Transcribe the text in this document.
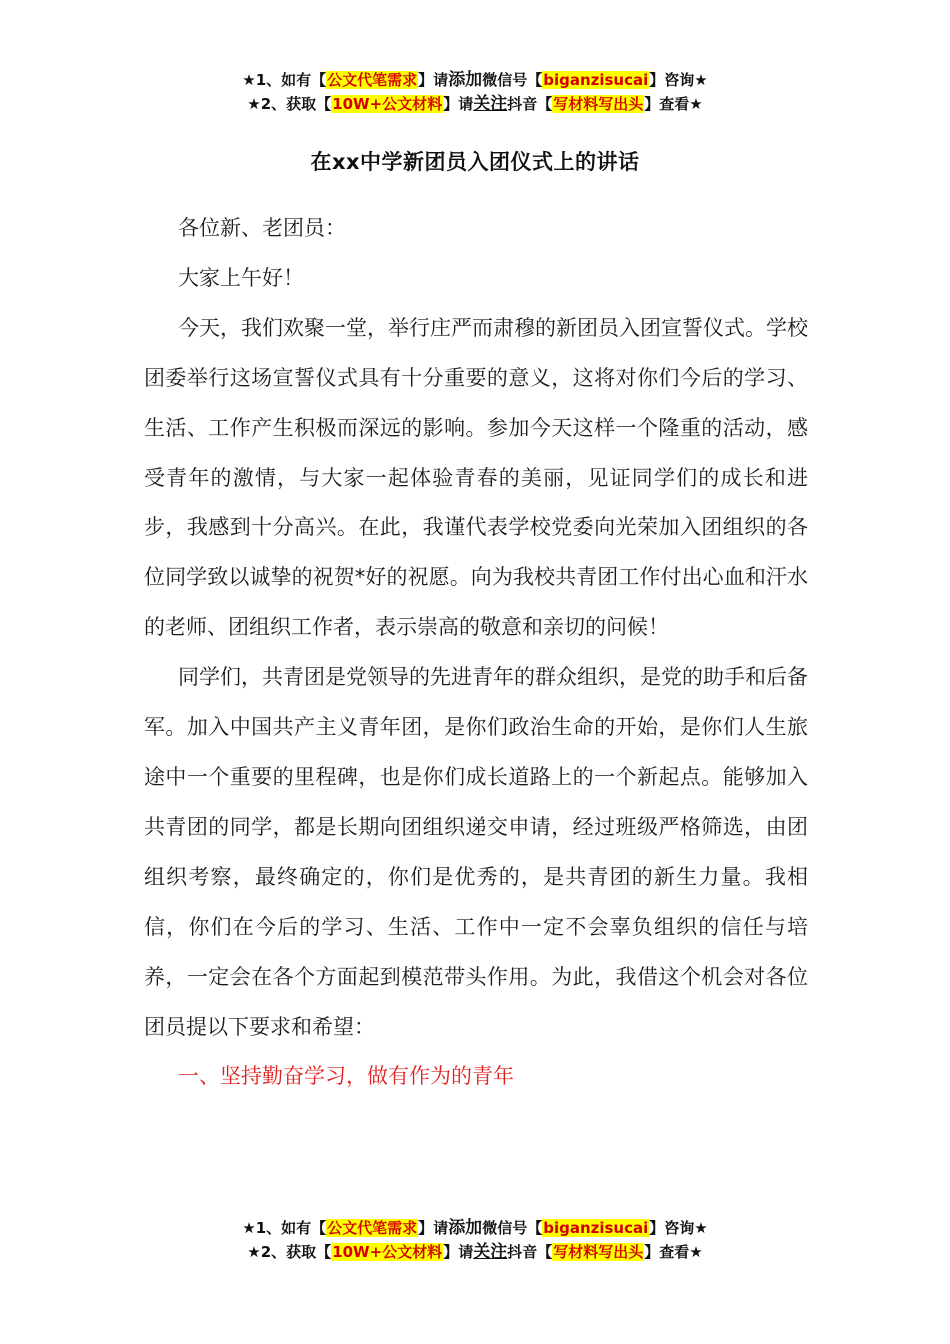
★1、如有【公文代笔需求】请添加微信号【biganzisucai】咨询★
★2、获取【10W+公文材料】请关注抖音【写材料写出头】查看★
在xx中学新团员入团仪式上的讲话

各位新、老团员：

大家上午好！

今天，我们欢聚一堂，举行庄严而肃穆的新团员入团宣誓仪式。学校团委举行这场宣誓仪式具有十分重要的意义，这将对你们今后的学习、生活、工作产生积极而深远的影响。参加今天这样一个隆重的活动，感受青年的激情，与大家一起体验青春的美丽，见证同学们的成长和进步，我感到十分高兴。在此，我谨代表学校党委向光荣加入团组织的各位同学致以诚挚的祝贺*好的祝愿。向为我校共青团工作付出心血和汗水的老师、团组织工作者，表示崇高的敬意和亲切的问候！

同学们，共青团是党领导的先进青年的群众组织，是党的助手和后备军。加入中国共产主义青年团，是你们政治生命的开始，是你们人生旅途中一个重要的里程碑，也是你们成长道路上的一个新起点。能够加入共青团的同学，都是长期向团组织递交申请，经过班级严格筛选，由团组织考察，最终确定的，你们是优秀的，是共青团的新生力量。我相信，你们在今后的学习、生活、工作中一定不会辜负组织的信任与培养，一定会在各个方面起到模范带头作用。为此，我借这个机会对各位团员提以下要求和希望：

一、坚持勤奋学习，做有作为的青年

★1、如有【公文代笔需求】请添加微信号【biganzisucai】咨询★
★2、获取【10W+公文材料】请关注抖音【写材料写出头】查看★
